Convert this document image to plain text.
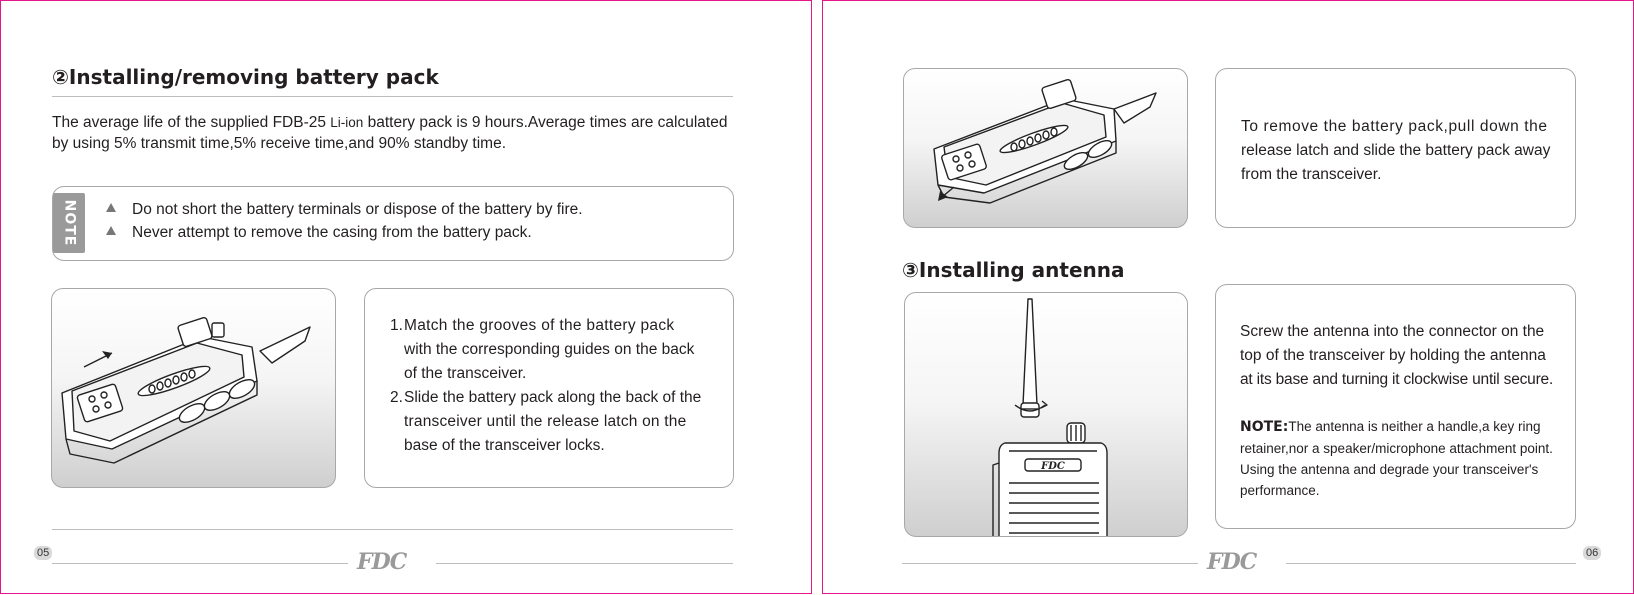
②Installing/removing battery pack
The average life of the supplied FDB-25 Li-ion battery pack is 9 hours.Average times are calculated
by using 5% transmit time,5% receive time,and 90% standby time.
NOTE	Do not short the battery terminals or dispose of the battery by fire.
Never attempt to remove the casing from the battery pack.
1. Match the grooves of the battery pack
with the corresponding guides on the back
of the transceiver.
2. Slide the battery pack along the back of the
transceiver until the release latch on the
base of the transceiver locks.
05	FDC
To remove the battery pack,pull down the
release latch and slide the battery pack away
from the transceiver.
③Installing antenna
FDC
Screw the antenna into the connector on the
top of the transceiver by holding the antenna
at its base and turning it clockwise until secure.
NOTE:The antenna is neither a handle,a key ring
retainer,nor a speaker/microphone attachment point.
Using the antenna and degrade your transceiver's
performance.
FDC	06
